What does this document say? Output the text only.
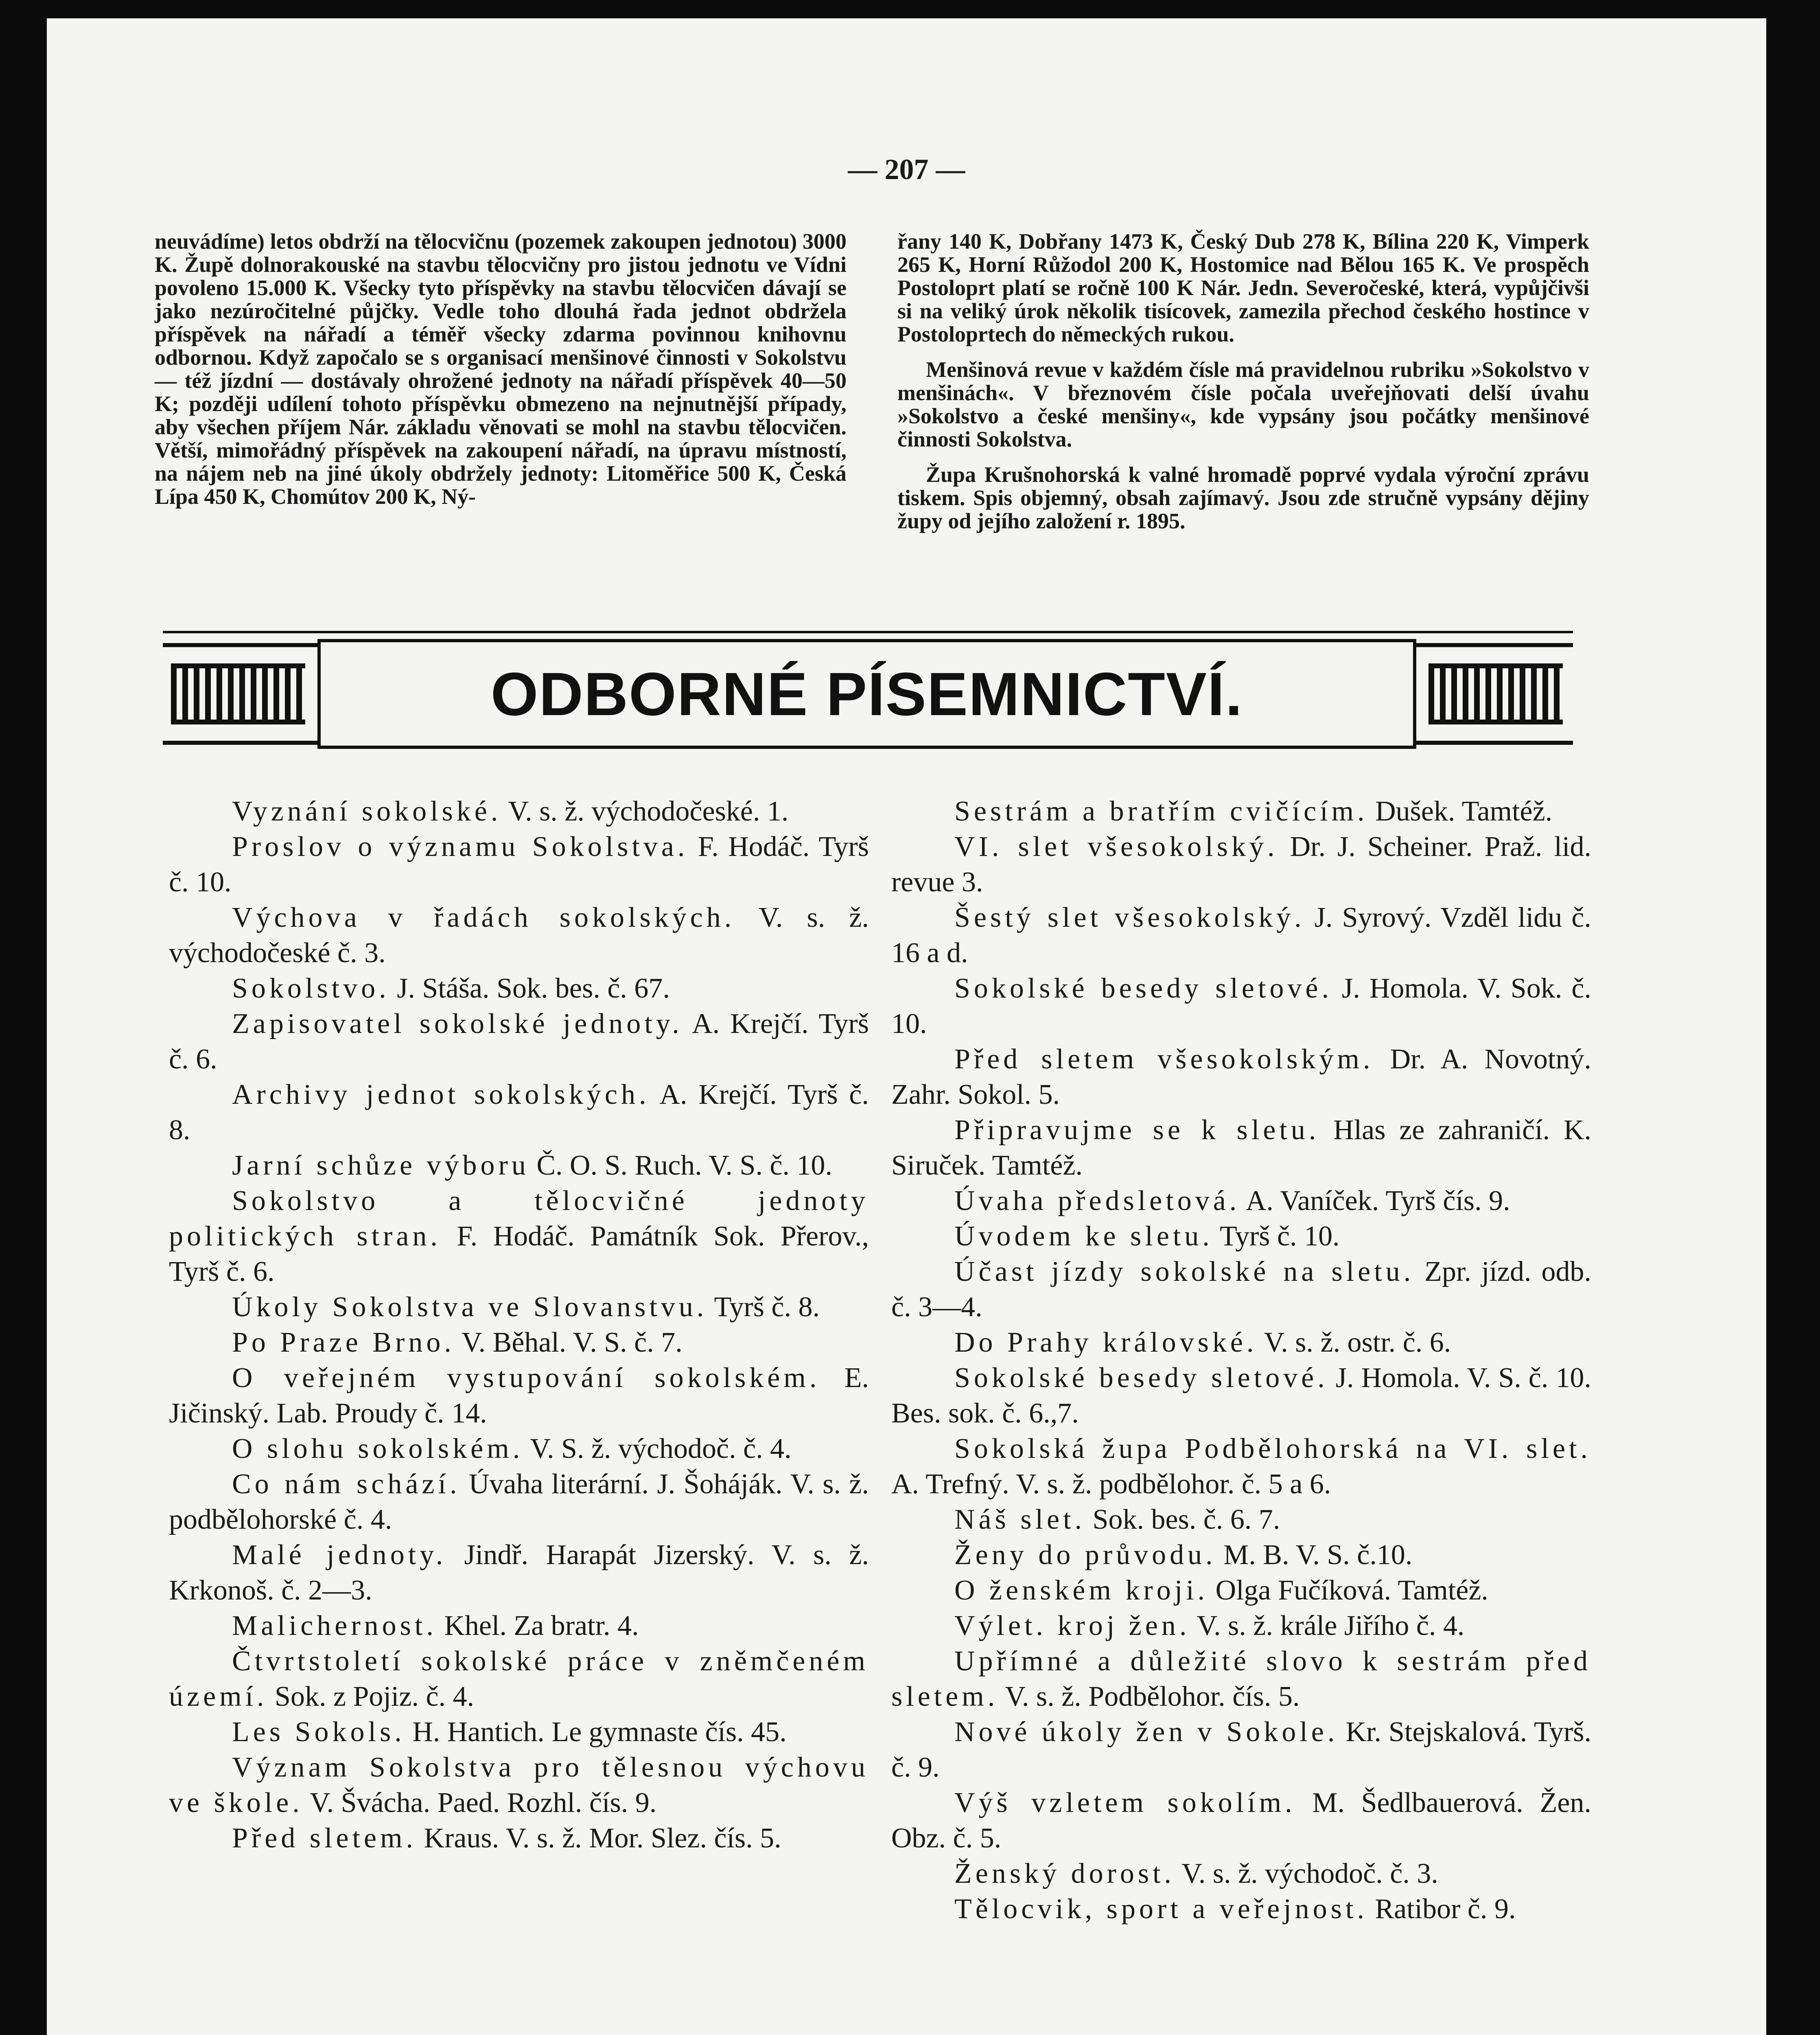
— 207 —

neuvádíme) letos obdrží na tělocvičnu (pozemek zakoupen jednotou) 3000 K. Župě dolnorakouské na stavbu tělocvičny pro jistou jednotu ve Vídni povoleno 15.000 K. Všecky tyto příspěvky na stavbu tělocvičen dávají se jako nezúročitelné půjčky. Vedle toho dlouhá řada jednot obdržela příspěvek na nářadí a téměř všecky zdarma povinnou knihovnu odbornou. Když započalo se s organisací menšinové činnosti v Sokolstvu — též jízdní — dostávaly ohrožené jednoty na nářadí příspěvek 40—50 K; později udílení tohoto příspěvku obmezeno na nejnutnější případy, aby všechen příjem Nár. základu věnovati se mohl na stavbu tělocvičen. Větší, mimořádný příspěvek na zakoupení nářadí, na úpravu místností, na nájem neb na jiné úkoly obdržely jednoty: Litoměřice 500 K, Česká Lípa 450 K, Chomútov 200 K, Ný-

řany 140 K, Dobřany 1473 K, Český Dub 278 K, Bílina 220 K, Vimperk 265 K, Horní Růžodol 200 K, Hostomice nad Bělou 165 K. Ve prospěch Postoloprt platí se ročně 100 K Nár. Jedn. Severočeské, která, vypůjčivši si na veliký úrok několik tisícovek, zamezila přechod českého hostince v Postoloprtech do německých rukou.

Menšinová revue v každém čísle má pravidelnou rubriku »Sokolstvo v menšinách«. V březnovém čísle počala uveřejňovati delší úvahu »Sokolstvo a české menšiny«, kde vypsány jsou počátky menšinové činnosti Sokolstva.

Župa Krušnohorská k valné hromadě poprvé vydala výroční zprávu tiskem. Spis objemný, obsah zajímavý. Jsou zde stručně vypsány dějiny župy od jejího založení r. 1895.

ODBORNÉ PÍSEMNICTVÍ.

Vyznání sokolské. V. s. ž. východočeské. 1.

Proslov o významu Sokolstva. F. Hodáč. Tyrš č. 10.

Výchova v řadách sokolských. V. s. ž. východočeské č. 3.

Sokolstvo. J. Stáša. Sok. bes. č. 67.

Zapisovatel sokolské jednoty. A. Krejčí. Tyrš č. 6.

Archivy jednot sokolských. A. Krejčí. Tyrš č. 8.

Jarní schůze výboru Č. O. S. Ruch. V. S. č. 10.

Sokolstvo a tělocvičné jednoty politických stran. F. Hodáč. Památník Sok. Přerov., Tyrš č. 6.

Úkoly Sokolstva ve Slovanstvu. Tyrš č. 8.

Po Praze Brno. V. Běhal. V. S. č. 7.

O veřejném vystupování sokolském. E. Jičinský. Lab. Proudy č. 14.

O slohu sokolském. V. S. ž. východoč. č. 4.

Co nám schází. Úvaha literární. J. Šoháják. V. s. ž. podbělohorské č. 4.

Malé jednoty. Jindř. Harapát Jizerský. V. s. ž. Krkonoš. č. 2—3.

Malichernost. Khel. Za bratr. 4.

Čtvrtstoletí sokolské práce v zněmčeném území. Sok. z Pojiz. č. 4.

Les Sokols. H. Hantich. Le gymnaste čís. 45.

Význam Sokolstva pro tělesnou výchovu ve škole. V. Švácha. Paed. Rozhl. čís. 9.

Před sletem. Kraus. V. s. ž. Mor. Slez. čís. 5.

Sestrám a bratřím cvičícím. Dušek. Tamtéž.

VI. slet všesokolský. Dr. J. Scheiner. Praž. lid. revue 3.

Šestý slet všesokolský. J. Syrový. Vzděl lidu č. 16 a d.

Sokolské besedy sletové. J. Homola. V. Sok. č. 10.

Před sletem všesokolským. Dr. A. Novotný. Zahr. Sokol. 5.

Připravujme se k sletu. Hlas ze zahraničí. K. Siruček. Tamtéž.

Úvaha předsletová. A. Vaníček. Tyrš čís. 9.

Úvodem ke sletu. Tyrš č. 10.

Účast jízdy sokolské na sletu. Zpr. jízd. odb. č. 3—4.

Do Prahy královské. V. s. ž. ostr. č. 6.

Sokolské besedy sletové. J. Homola. V. S. č. 10. Bes. sok. č. 6.,7.

Sokolská župa Podbělohorská na VI. slet. A. Trefný. V. s. ž. podbělohor. č. 5 a 6.

Náš slet. Sok. bes. č. 6. 7.

Ženy do průvodu. M. B. V. S. č.10.

O ženském kroji. Olga Fučíková. Tamtéž.

Výlet. kroj žen. V. s. ž. krále Jiřího č. 4.

Upřímné a důležité slovo k sestrám před sletem. V. s. ž. Podbělohor. čís. 5.

Nové úkoly žen v Sokole. Kr. Stejskalová. Tyrš. č. 9.

Výš vzletem sokolím. M. Šedlbauerová. Žen. Obz. č. 5.

Ženský dorost. V. s. ž. východoč. č. 3.

Tělocvik, sport a veřejnost. Ratibor č. 9.
